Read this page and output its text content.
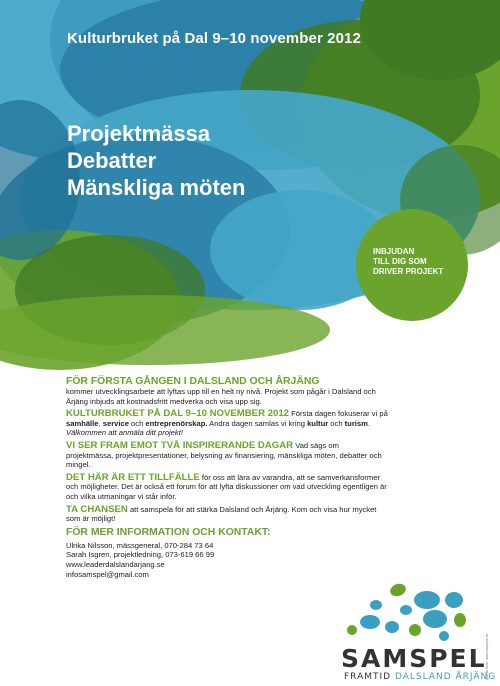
Kulturbruket på Dal 9–10 november 2012
Projektmässa
Debatter
Mänskliga möten
INBJUDAN
TILL DIG SOM
DRIVER PROJEKT
FÖR FÖRSTA GÅNGEN I DALSLAND OCH ÅRJÄNG
kommer utvecklingsarbete att lyftas upp till en helt ny nivå. Projekt som pågår i Dalsland och Årjäng inbjuds att kostnadsfritt medverka och visa upp sig.
KULTURBRUKET PÅ DAL 9–10 NOVEMBER 2012 Första dagen fokuserar vi på samhälle, service och entreprenörskap. Andra dagen samlas vi kring kultur och turism. Välkommen att anmäla ditt projekt!
VI SER FRAM EMOT TVÅ INSPIRERANDE DAGAR Vad sägs om projektmässa, projektpresentationer, belysning av finansiering, mänskliga möten, debatter och mingel.
DET HÄR ÄR ETT TILLFÄLLE för oss att lära av varandra, att se samverkansformer och möjligheter. Det är också ett forum för att lyfta diskussioner om vad utveckling egentligen är och vilka utmaningar vi står inför.
TA CHANSEN att samspela för att stärka Dalsland och Årjäng. Kom och visa hur mycket som är möjligt!
FÖR MER INFORMATION OCH KONTAKT:
Ulrika Nilsson, mässgeneral, 070-284 73 64
Sarah Isgren, projektledning, 073-619 66 99
www.leaderdalslandarjang.se
infosamspel@gmail.com
SAMSPEL
FRAMTID DALSLAND ÅRJÄNG
grafisk form: www.example.se
